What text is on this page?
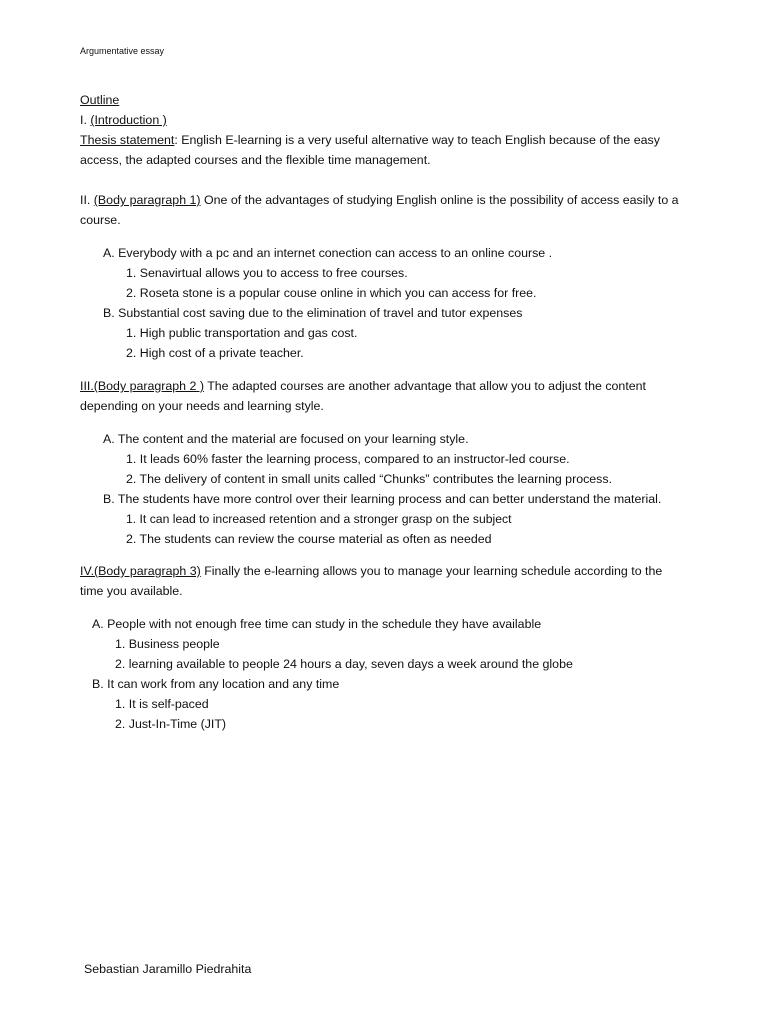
Argumentative essay
Outline
I. (Introduction )
Thesis statement: English E-learning is a very useful alternative way to teach English because of the easy
access, the adapted courses and the flexible time management.
II. (Body paragraph 1) One of the advantages of studying English online is the possibility of access easily to a
course.
A. Everybody with a pc and an internet conection can access to an online course .
1. Senavirtual allows you to access to free courses.
2. Roseta stone is a popular couse online in which you can access for free.
B. Substantial cost saving due to the elimination of travel and tutor expenses
1. High public transportation and gas cost.
2. High cost of a private teacher.
III.(Body paragraph 2 ) The adapted courses are another advantage that allow you to adjust the content
depending on your needs and learning style.
A. The content and the material are focused on your learning style.
1. It leads 60% faster the learning process, compared to an instructor-led course.
2. The delivery of content in small units called “Chunks” contributes the learning process.
B. The students have more control over their learning process and can better understand the material.
1. It can lead to increased retention and a stronger grasp on the subject
2. The students can review the course material as often as needed
IV.(Body paragraph 3) Finally the e-learning allows you to manage your learning schedule according to the
time you available.
A. People with not enough free time can study in the schedule they have available
1. Business people
2. learning available to people 24 hours a day, seven days a week around the globe
B. It can work from any location and any time
1. It is self-paced
2. Just-In-Time (JIT)
Sebastian Jaramillo Piedrahita
